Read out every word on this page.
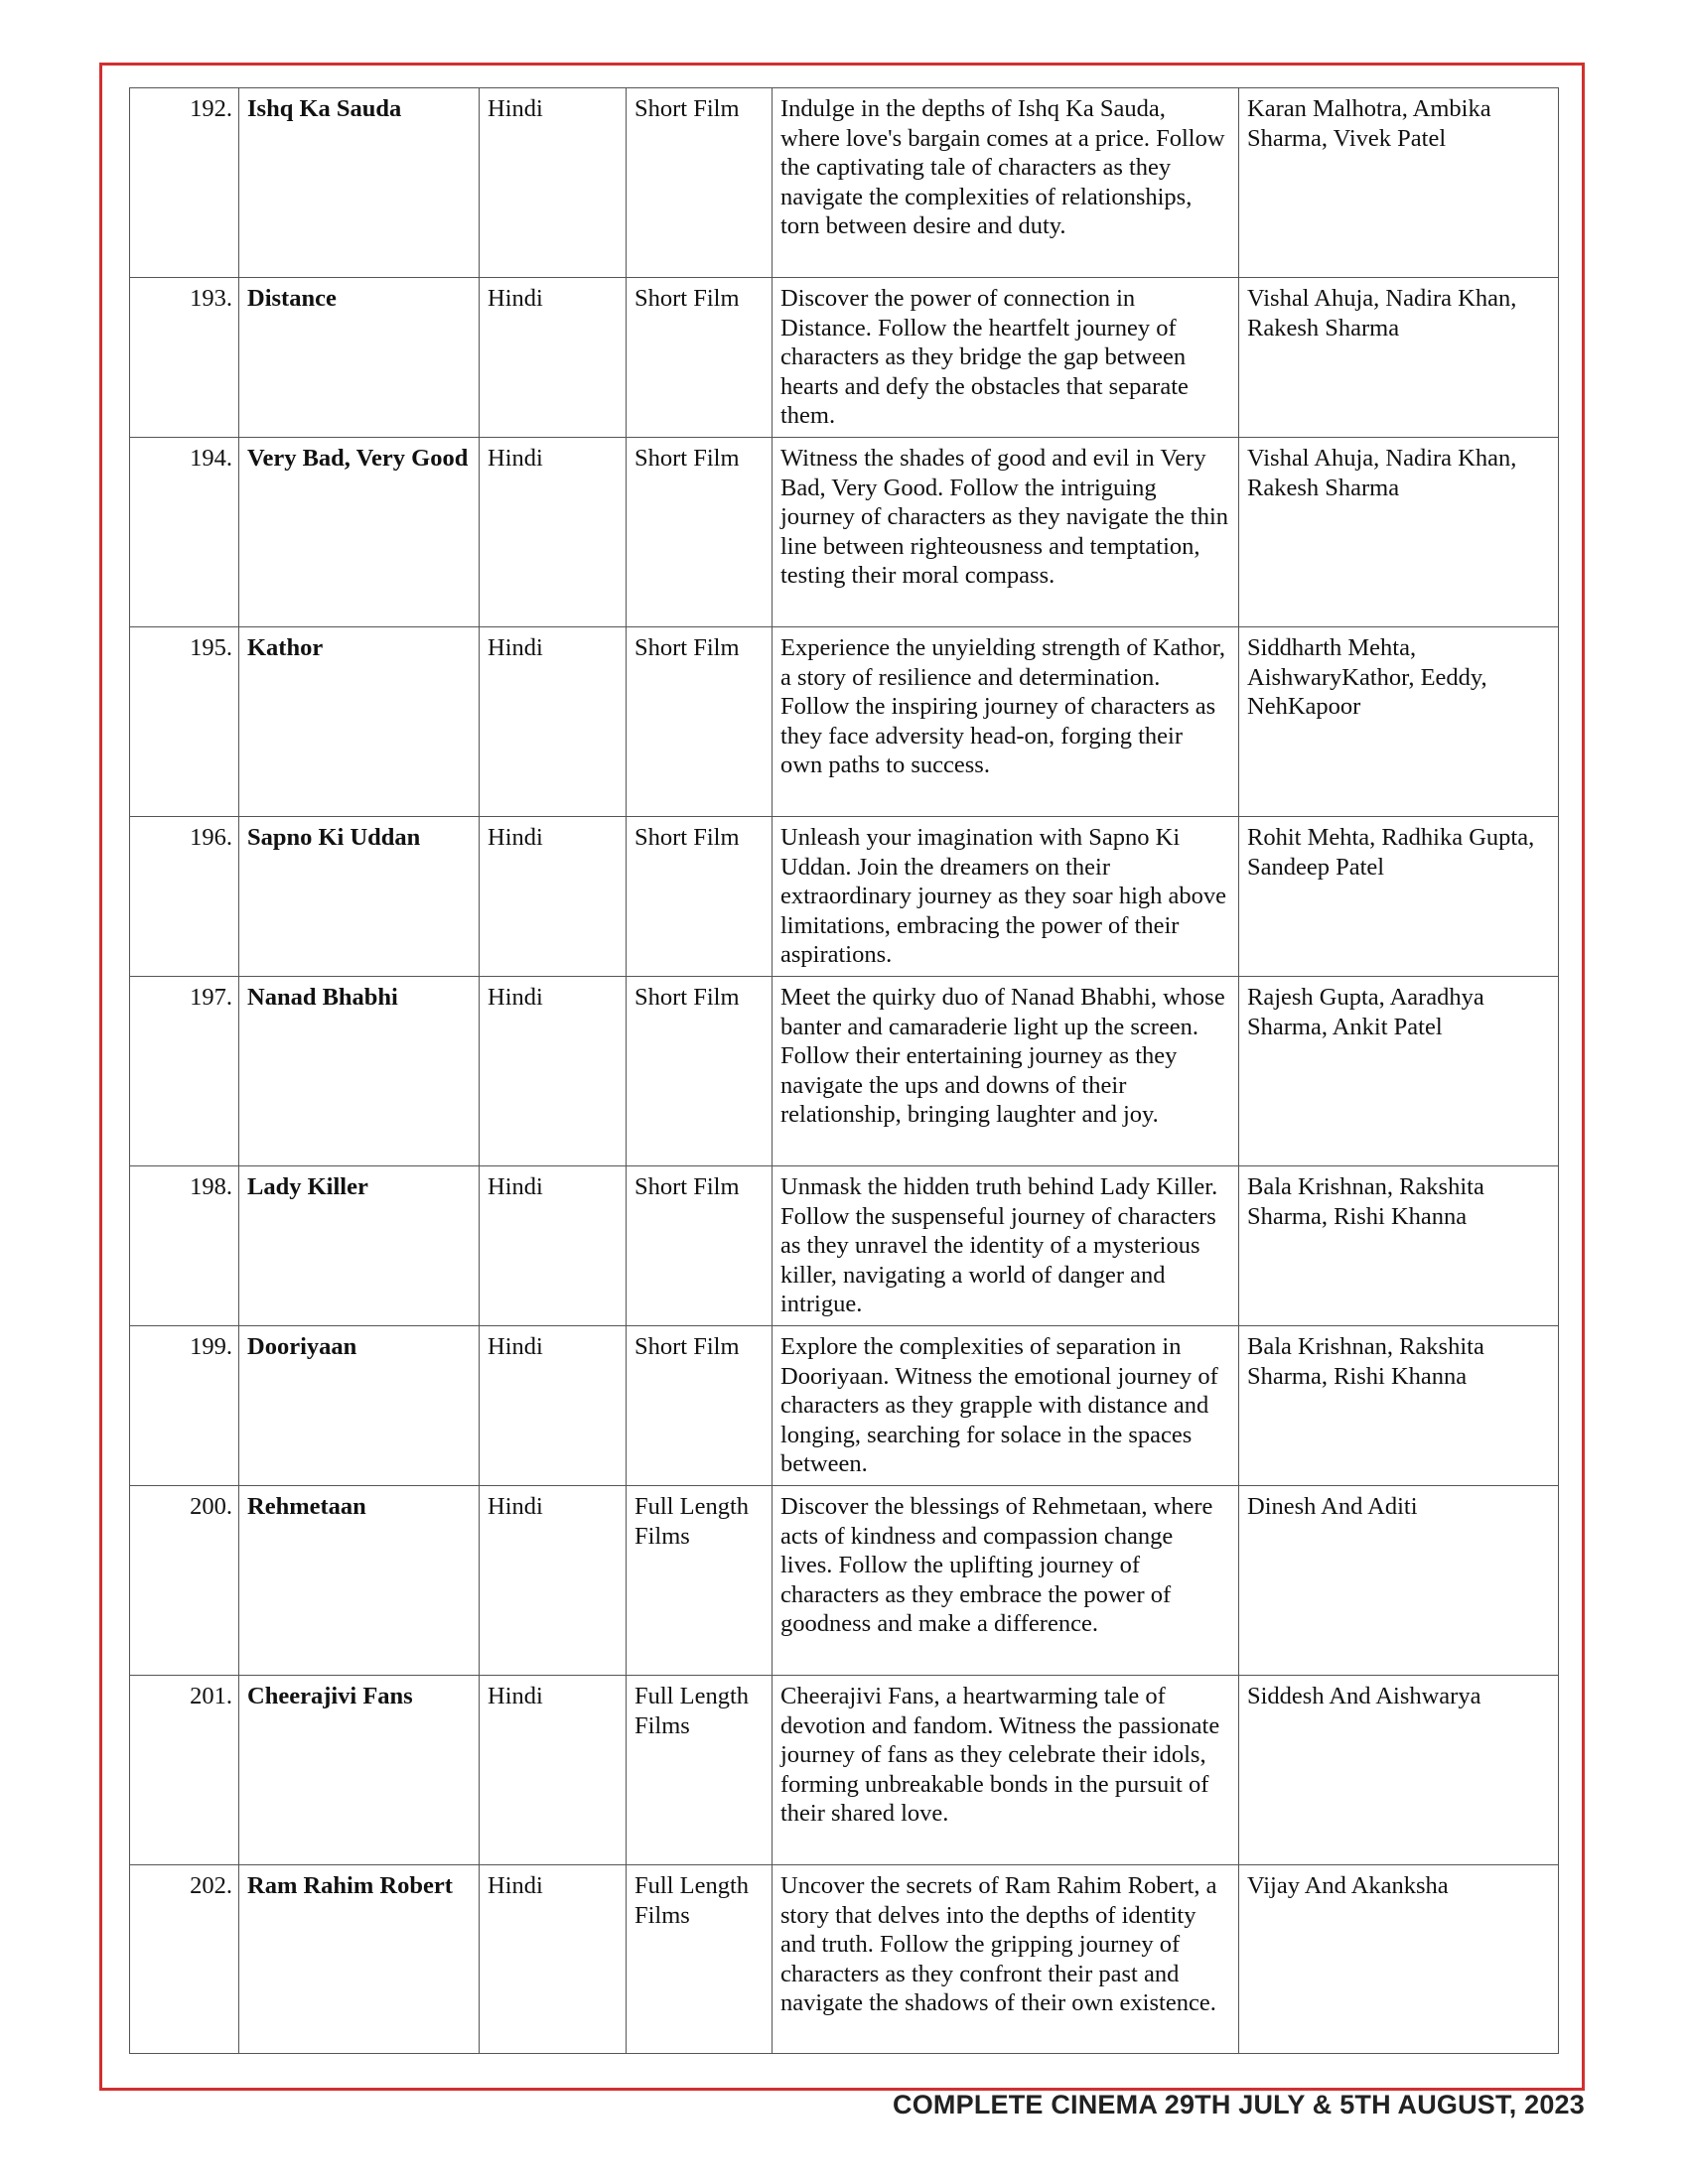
192.	Ishq Ka Sauda	Hindi	Short Film	Indulge in the depths of Ishq Ka Sauda, where love's bargain comes at a price. Follow the captivating tale of characters as they navigate the complexities of relationships, torn between desire and duty.	Karan Malhotra, Ambika Sharma, Vivek Patel
193.	Distance	Hindi	Short Film	Discover the power of connection in Distance. Follow the heartfelt journey of characters as they bridge the gap between hearts and defy the obstacles that separate them.	Vishal Ahuja, Nadira Khan, Rakesh Sharma
194.	Very Bad, Very Good	Hindi	Short Film	Witness the shades of good and evil in Very Bad, Very Good. Follow the intriguing journey of characters as they navigate the thin line between righteousness and temptation, testing their moral compass.	Vishal Ahuja, Nadira Khan, Rakesh Sharma
195.	Kathor	Hindi	Short Film	Experience the unyielding strength of Kathor, a story of resilience and determination. Follow the inspiring journey of characters as they face adversity head-on, forging their own paths to success.	Siddharth Mehta, AishwaryKathor, Eeddy, NehKapoor
196.	Sapno Ki Uddan	Hindi	Short Film	Unleash your imagination with Sapno Ki Uddan. Join the dreamers on their extraordinary journey as they soar high above limitations, embracing the power of their aspirations.	Rohit Mehta, Radhika Gupta, Sandeep Patel
197.	Nanad Bhabhi	Hindi	Short Film	Meet the quirky duo of Nanad Bhabhi, whose banter and camaraderie light up the screen. Follow their entertaining journey as they navigate the ups and downs of their relationship, bringing laughter and joy.	Rajesh Gupta, Aaradhya Sharma, Ankit Patel
198.	Lady Killer	Hindi	Short Film	Unmask the hidden truth behind Lady Killer. Follow the suspenseful journey of characters as they unravel the identity of a mysterious killer, navigating a world of danger and intrigue.	Bala Krishnan, Rakshita Sharma, Rishi Khanna
199.	Dooriyaan	Hindi	Short Film	Explore the complexities of separation in Dooriyaan. Witness the emotional journey of characters as they grapple with distance and longing, searching for solace in the spaces between.	Bala Krishnan, Rakshita Sharma, Rishi Khanna
200.	Rehmetaan	Hindi	Full Length Films	Discover the blessings of Rehmetaan, where acts of kindness and compassion change lives. Follow the uplifting journey of characters as they embrace the power of goodness and make a difference.	Dinesh And Aditi
201.	Cheerajivi Fans	Hindi	Full Length Films	Cheerajivi Fans, a heartwarming tale of devotion and fandom. Witness the passionate journey of fans as they celebrate their idols, forming unbreakable bonds in the pursuit of their shared love.	Siddesh And Aishwarya
202.	Ram Rahim Robert	Hindi	Full Length Films	Uncover the secrets of Ram Rahim Robert, a story that delves into the depths of identity and truth. Follow the gripping journey of characters as they confront their past and navigate the shadows of their own existence.	Vijay And Akanksha
COMPLETE CINEMA 29TH JULY & 5TH AUGUST, 2023
